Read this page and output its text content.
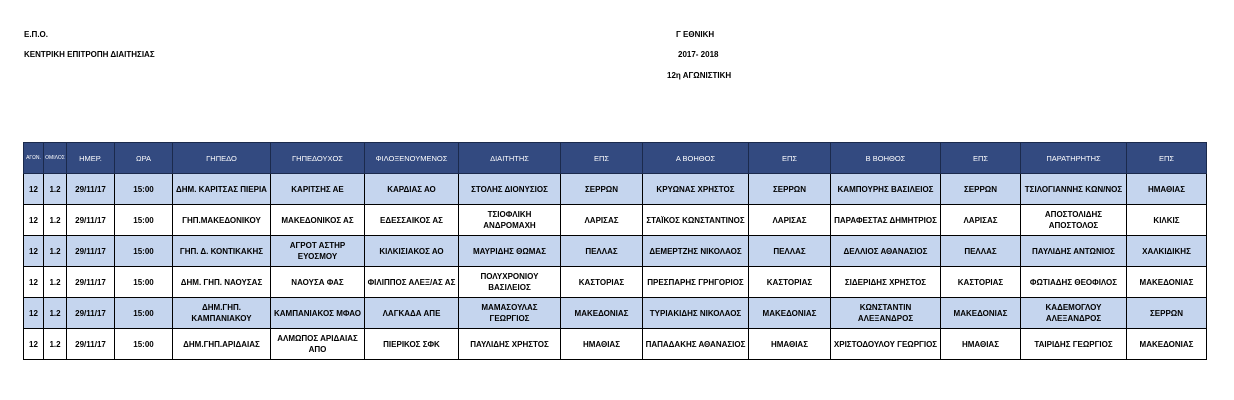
Ε.Π.Ο.
ΚΕΝΤΡΙΚΗ ΕΠΙΤΡΟΠΗ ΔΙΑΙΤΗΣΙΑΣ
Γ ΕΘΝΙΚΗ
2017- 2018
12η ΑΓΩΝΙΣΤΙΚΗ
ΑΓΩΝ.	ΟΜΙΛΟΣ	ΗΜΕΡ.	ΩΡΑ	ΓΗΠΕΔΟ	ΓΗΠΕΔΟΥΧΟΣ	ΦΙΛΟΞΕΝΟΥΜΕΝΟΣ	ΔΙΑΙΤΗΤΗΣ	ΕΠΣ	Α ΒΟΗΘΟΣ	ΕΠΣ	Β ΒΟΗΘΟΣ	ΕΠΣ	ΠΑΡΑΤΗΡΗΤΗΣ	ΕΠΣ
12	1.2	29/11/17	15:00	ΔΗΜ. ΚΑΡΙΤΣΑΣ ΠΙΕΡΙΑ	ΚΑΡΙΤΣΗΣ ΑΕ	ΚΑΡΔΙΑΣ ΑΟ	ΣΤΟΛΗΣ ΔΙΟΝΥΣΙΟΣ	ΣΕΡΡΩΝ	ΚΡΥΩΝΑΣ ΧΡΗΣΤΟΣ	ΣΕΡΡΩΝ	ΚΑΜΠΟΥΡΗΣ ΒΑΣΙΛΕΙΟΣ	ΣΕΡΡΩΝ	ΤΣΙΛΟΓΙΑΝΝΗΣ ΚΩΝ/ΝΟΣ	ΗΜΑΘΙΑΣ
12	1.2	29/11/17	15:00	ΓΗΠ.ΜΑΚΕΔΟΝΙΚΟΥ	ΜΑΚΕΔΟΝΙΚΟΣ ΑΣ	ΕΔΕΣΣΑΙΚΟΣ ΑΣ	ΤΣΙΟΦΛΙΚΗ ΑΝΔΡΟΜΑΧΗ	ΛΑΡΙΣΑΣ	ΣΤΑΪΚΟΣ ΚΩΝΣΤΑΝΤΙΝΟΣ	ΛΑΡΙΣΑΣ	ΠΑΡΑΦΕΣΤΑΣ ΔΗΜΗΤΡΙΟΣ	ΛΑΡΙΣΑΣ	ΑΠΟΣΤΟΛΙΔΗΣ ΑΠΟΣΤΟΛΟΣ	ΚΙΛΚΙΣ
12	1.2	29/11/17	15:00	ΓΗΠ. Δ. ΚΟΝΤΙΚΑΚΗΣ	ΑΓΡΟΤ ΑΣΤΗΡ ΕΥΟΣΜΟΥ	ΚΙΛΚΙΣΙΑΚΟΣ ΑΟ	ΜΑΥΡΙΔΗΣ ΘΩΜΑΣ	ΠΕΛΛΑΣ	ΔΕΜΕΡΤΖΗΣ ΝΙΚΟΛΑΟΣ	ΠΕΛΛΑΣ	ΔΕΛΛΙΟΣ ΑΘΑΝΑΣΙΟΣ	ΠΕΛΛΑΣ	ΠΑΥΛΙΔΗΣ ΑΝΤΩΝΙΟΣ	ΧΑΛΚΙΔΙΚΗΣ
12	1.2	29/11/17	15:00	ΔΗΜ. ΓΗΠ. ΝΑΟΥΣΑΣ	ΝΑΟΥΣΑ ΦΑΣ	ΦΙΛΙΠΠΟΣ ΑΛΕΞ/ΑΣ ΑΣ	ΠΟΛΥΧΡΟΝΙΟΥ ΒΑΣΙΛΕΙΟΣ	ΚΑΣΤΟΡΙΑΣ	ΠΡΕΣΠΑΡΗΣ ΓΡΗΓΟΡΙΟΣ	ΚΑΣΤΟΡΙΑΣ	ΣΙΔΕΡΙΔΗΣ ΧΡΗΣΤΟΣ	ΚΑΣΤΟΡΙΑΣ	ΦΩΤΙΑΔΗΣ ΘΕΟΦΙΛΟΣ	ΜΑΚΕΔΟΝΙΑΣ
12	1.2	29/11/17	15:00	ΔΗΜ.ΓΗΠ. ΚΑΜΠΑΝΙΑΚΟΥ	ΚΑΜΠΑΝΙΑΚΟΣ ΜΦΑΟ	ΛΑΓΚΑΔΑ ΑΠΕ	ΜΑΜΑΣΟΥΛΑΣ ΓΕΩΡΓΙΟΣ	ΜΑΚΕΔΟΝΙΑΣ	ΤΥΡΙΑΚΙΔΗΣ ΝΙΚΟΛΑΟΣ	ΜΑΚΕΔΟΝΙΑΣ	ΚΩΝΣΤΑΝΤΙΝ ΑΛΕΞΑΝΔΡΟΣ	ΜΑΚΕΔΟΝΙΑΣ	ΚΑΔΕΜΟΓΛΟΥ ΑΛΕΞΑΝΔΡΟΣ	ΣΕΡΡΩΝ
12	1.2	29/11/17	15:00	ΔΗΜ.ΓΗΠ.ΑΡΙΔΑΙΑΣ	ΑΛΜΩΠΟΣ ΑΡΙΔΑΙΑΣ ΑΠΟ	ΠΙΕΡΙΚΟΣ ΣΦΚ	ΠΑΥΛΙΔΗΣ ΧΡΗΣΤΟΣ	ΗΜΑΘΙΑΣ	ΠΑΠΑΔΑΚΗΣ ΑΘΑΝΑΣΙΟΣ	ΗΜΑΘΙΑΣ	ΧΡΙΣΤΟΔΟΥΛΟΥ ΓΕΩΡΓΙΟΣ	ΗΜΑΘΙΑΣ	ΤΑΙΡΙΔΗΣ ΓΕΩΡΓΙΟΣ	ΜΑΚΕΔΟΝΙΑΣ
